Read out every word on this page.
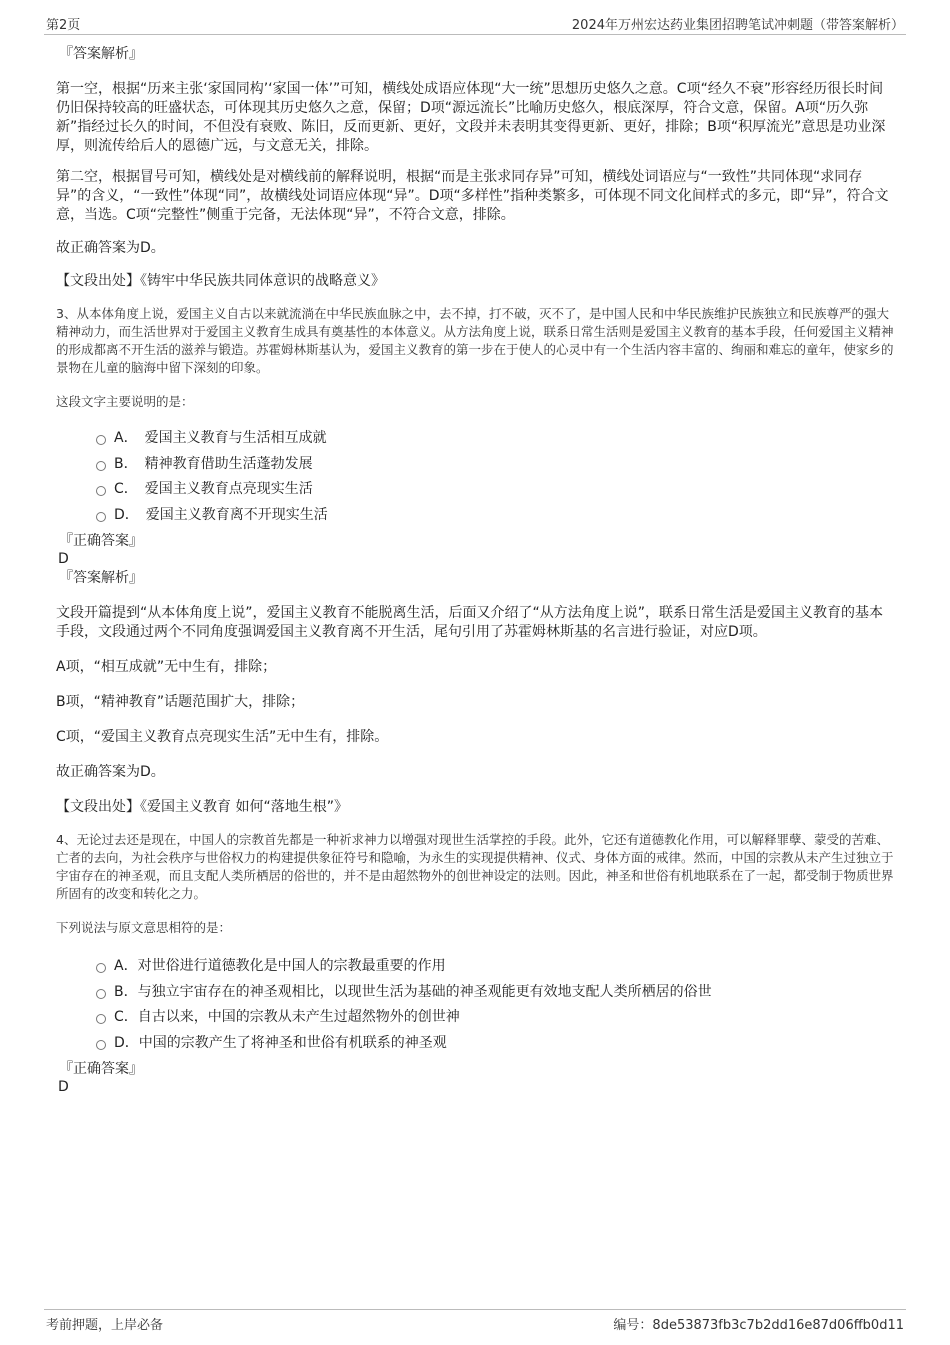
第2页	2024年万州宏达药业集团招聘笔试冲刺题（带答案解析）
『答案解析』

第一空，根据“历来主张‘家国同构’‘家国一体’”可知，横线处成语应体现“大一统”思想历史悠久之意。C项“经久不衰”形容经历很长时间仍旧保持较高的旺盛状态，可体现其历史悠久之意，保留；D项“源远流长”比喻历史悠久，根底深厚，符合文意，保留。A项“历久弥新”指经过长久的时间，不但没有衰败、陈旧，反而更新、更好，文段并未表明其变得更新、更好，排除；B项“积厚流光”意思是功业深厚，则流传给后人的恩德广远，与文意无关，排除。

第二空，根据冒号可知，横线处是对横线前的解释说明，根据“而是主张求同存异”可知，横线处词语应与“一致性”共同体现“求同存异”的含义，“一致性”体现“同”，故横线处词语应体现“异”。D项“多样性”指种类繁多，可体现不同文化间样式的多元，即“异”，符合文意，当选。C项“完整性”侧重于完备，无法体现“异”，不符合文意，排除。

故正确答案为D。

【文段出处】《铸牢中华民族共同体意识的战略意义》

3、从本体角度上说，爱国主义自古以来就流淌在中华民族血脉之中，去不掉，打不破，灭不了，是中国人民和中华民族维护民族独立和民族尊严的强大精神动力，而生活世界对于爱国主义教育生成具有奠基性的本体意义。从方法角度上说，联系日常生活则是爱国主义教育的基本手段，任何爱国主义精神的形成都离不开生活的滋养与锻造。苏霍姆林斯基认为，爱国主义教育的第一步在于使人的心灵中有一个生活内容丰富的、绚丽和难忘的童年，使家乡的景物在儿童的脑海中留下深刻的印象。

这段文字主要说明的是：

A．　爱国主义教育与生活相互成就
B．　精神教育借助生活蓬勃发展
C．　爱国主义教育点亮现实生活
D．　爱国主义教育离不开现实生活
『正确答案』
D
『答案解析』

文段开篇提到“从本体角度上说”，爱国主义教育不能脱离生活，后面又介绍了“从方法角度上说”，联系日常生活是爱国主义教育的基本手段，文段通过两个不同角度强调爱国主义教育离不开生活，尾句引用了苏霍姆林斯基的名言进行验证，对应D项。

A项，“相互成就”无中生有，排除；

B项，“精神教育”话题范围扩大，排除；

C项，“爱国主义教育点亮现实生活”无中生有，排除。

故正确答案为D。

【文段出处】《爱国主义教育 如何“落地生根”》

4、无论过去还是现在，中国人的宗教首先都是一种祈求神力以增强对现世生活掌控的手段。此外，它还有道德教化作用，可以解释罪孽、蒙受的苦难、亡者的去向，为社会秩序与世俗权力的构建提供象征符号和隐喻，为永生的实现提供精神、仪式、身体方面的戒律。然而，中国的宗教从未产生过独立于宇宙存在的神圣观，而且支配人类所栖居的俗世的，并不是由超然物外的创世神设定的法则。因此，神圣和世俗有机地联系在了一起，都受制于物质世界所固有的改变和转化之力。

下列说法与原文意思相符的是：

A．对世俗进行道德教化是中国人的宗教最重要的作用
B．与独立宇宙存在的神圣观相比，以现世生活为基础的神圣观能更有效地支配人类所栖居的俗世
C．自古以来，中国的宗教从未产生过超然物外的创世神
D．中国的宗教产生了将神圣和世俗有机联系的神圣观
『正确答案』
D
考前押题，上岸必备	编号：8de53873fb3c7b2dd16e87d06ffb0d11
